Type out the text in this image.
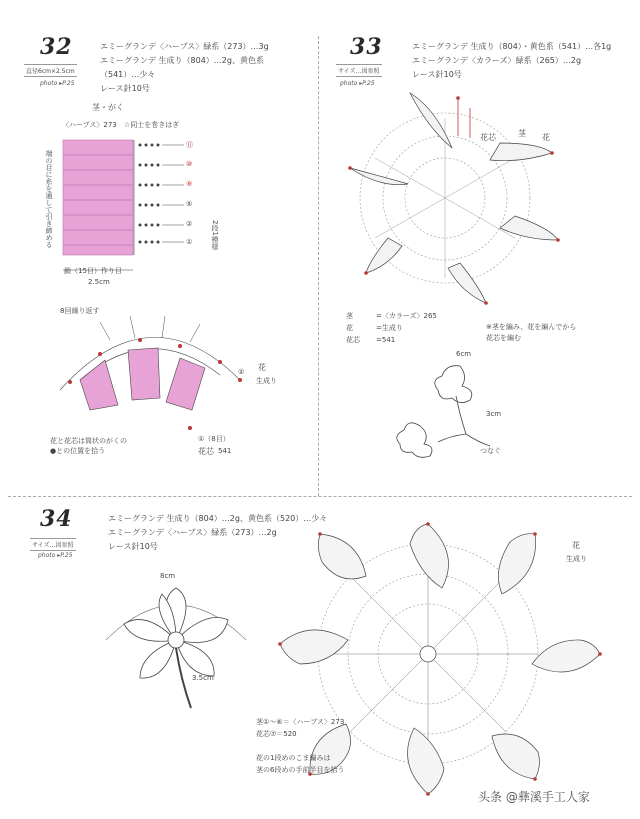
32
直径6cm×2.5cm
photo ▸P.25
エミーグランデ〈ハーブス〉緑系（273）…3g
エミーグランデ 生成り（804）…2g、黄色系
（541）…少々
レース針10号
茎・がく
〈ハーブス〉273 ☆同士を巻きはぎ
端の目に糸を通して引き締める
⑪
⑩
⑨
⑤
②
①	2段1模様
鎖（15目）作り目
2.5cm
8回繰り返す
② 花
生成り
①（8目）
花芯 541
花と花芯は筒状のがくの
●との位置を拾う
33
サイズ…図参照
photo ▸P.25
エミーグランデ 生成り（804）・黄色系（541）…各1g
エミーグランデ〈カラーズ〉緑系（265）…2g
レース針10号
花芯	茎 花
茎	=〈カラーズ〉265
花	=生成り
花芯 =541
※茎を編み、花を編んでから
花芯を編む
6cm
3cm
つなぐ
34
サイズ…図参照
photo ▸P.25
エミーグランデ 生成り（804）…2g、黄色系（520）…少々
エミーグランデ〈ハーブス〉緑系（273）…2g
レース針10号
8cm
3.5cm
花
生成り
茎①～⑥＝〈ハーブス〉273
花芯⑦＝520
花の1段めのこま編みは
茎の6段めの手前半目を拾う
头条 @彝溪手工人家
